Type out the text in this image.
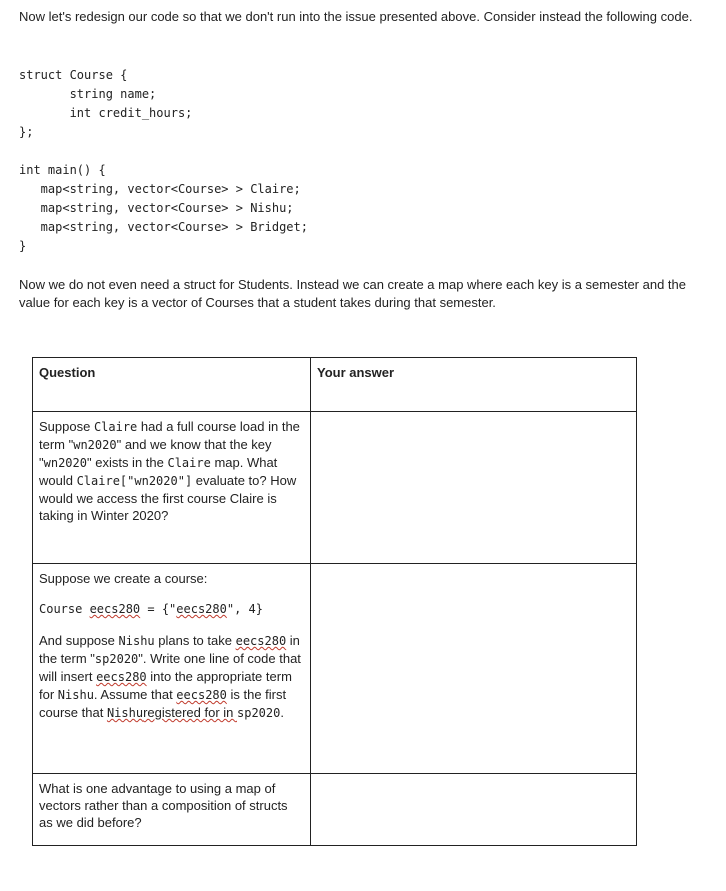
Now let's redesign our code so that we don't run into the issue presented above. Consider instead the following code.

struct Course {
string name;
int credit_hours;
};

int main() {
map<string, vector<Course> > Claire;
map<string, vector<Course> > Nishu;
map<string, vector<Course> > Bridget;
}

Now we do not even need a struct for Students. Instead we can create a map where each key is a semester and the value for each key is a vector of Courses that a student takes during that semester.

Question	Your answer
Suppose Claire had a full course load in the term "wn2020" and we know that the key "wn2020" exists in the Claire map. What would Claire["wn2020"] evaluate to? How would we access the first course Claire is taking in Winter 2020?	

Suppose we create a course:
Course eecs280 = {"eecs280", 4}
And suppose Nishu plans to take eecs280 in the term "sp2020". Write one line of code that will insert eecs280 into the appropriate term for Nishu. Assume that eecs280 is the first course that Nishuregistered for in sp2020.	

What is one advantage to using a map of vectors rather than a composition of structs as we did before?	
